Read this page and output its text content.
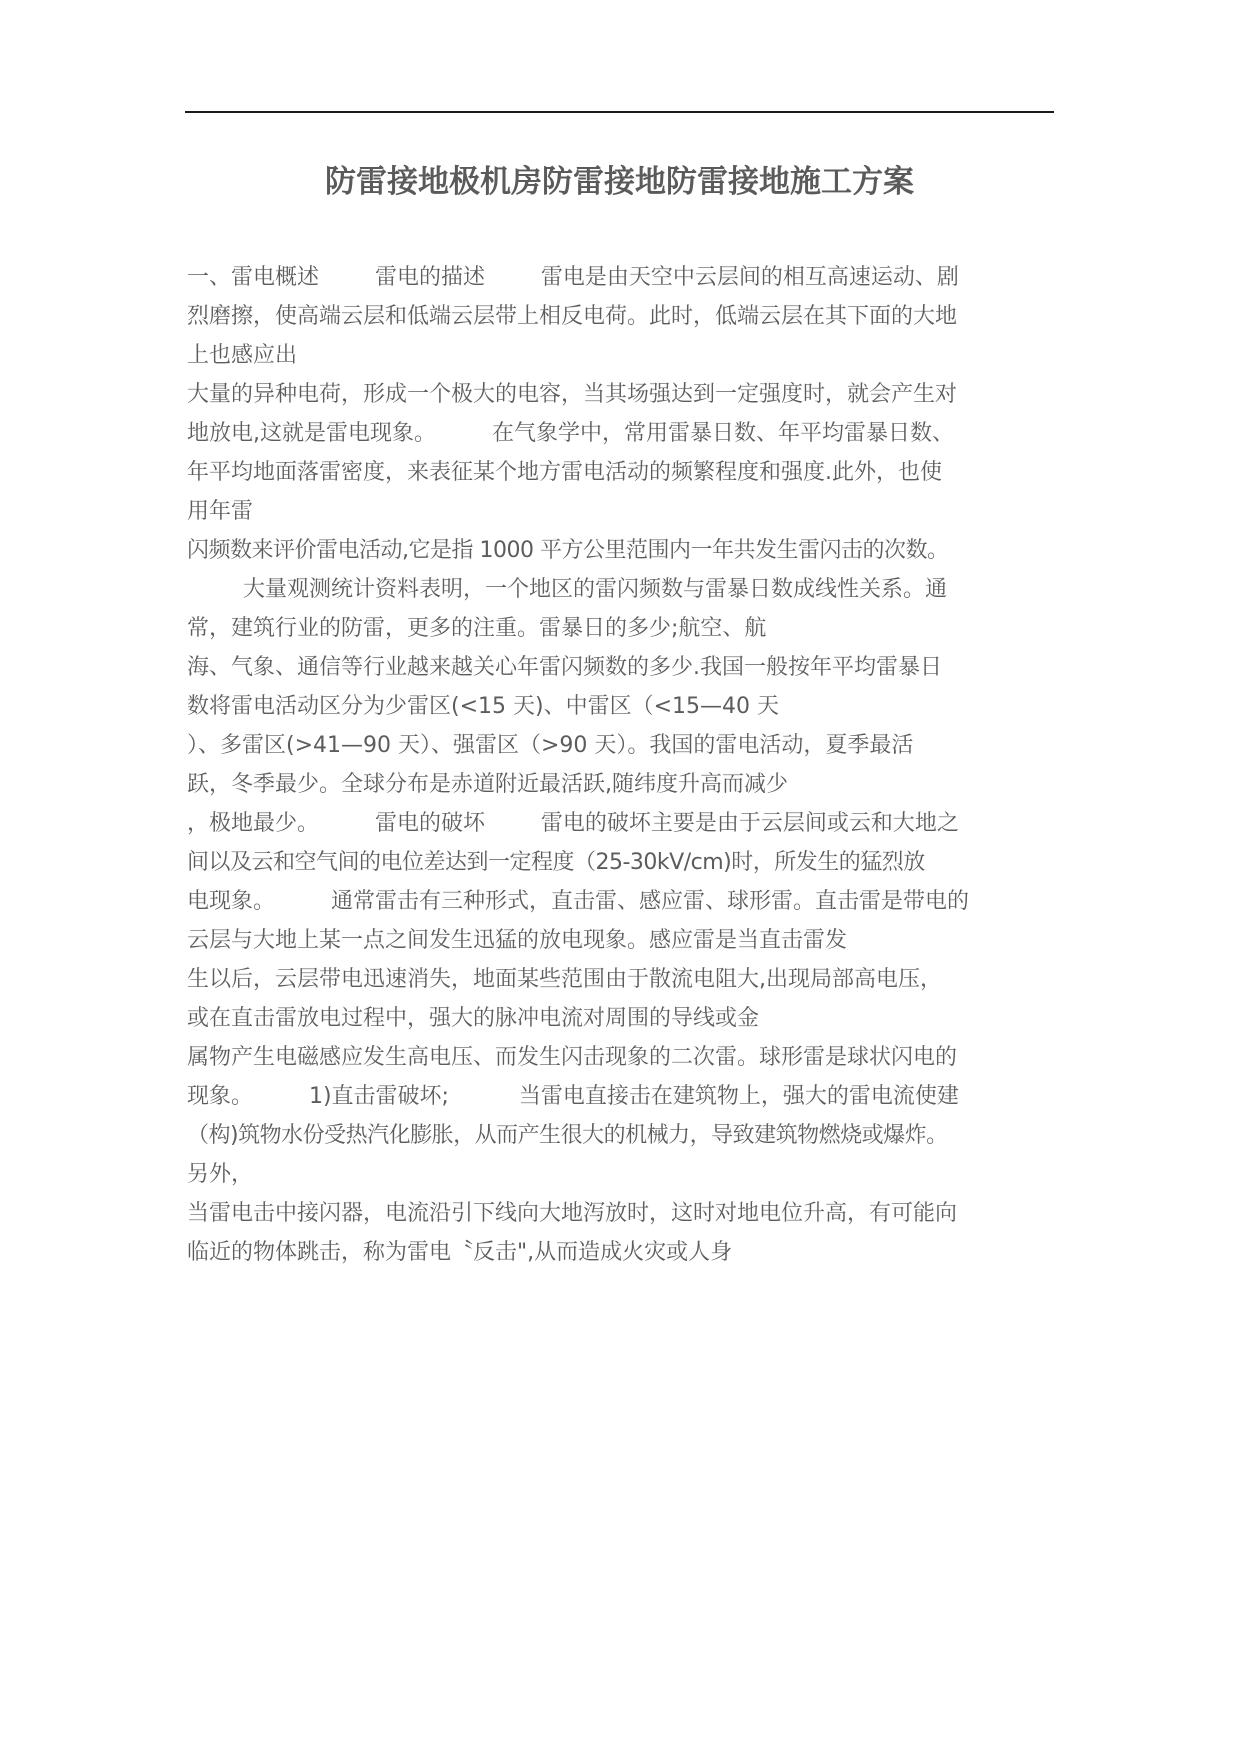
防雷接地极机房防雷接地防雷接地施工方案
一、雷电概述        雷电的描述        雷电是由天空中云层间的相互高速运动、剧
烈磨擦，使高端云层和低端云层带上相反电荷。此时，低端云层在其下面的大地
上也感应出
大量的异种电荷，形成一个极大的电容，当其场强达到一定强度时，就会产生对
地放电,这就是雷电现象。        在气象学中，常用雷暴日数、年平均雷暴日数、
年平均地面落雷密度，来表征某个地方雷电活动的频繁程度和强度.此外，也使
用年雷
闪频数来评价雷电活动,它是指 1000 平方公里范围内一年共发生雷闪击的次数。
大量观测统计资料表明，一个地区的雷闪频数与雷暴日数成线性关系。通
常，建筑行业的防雷，更多的注重。雷暴日的多少;航空、航
海、气象、通信等行业越来越关心年雷闪频数的多少.我国一般按年平均雷暴日
数将雷电活动区分为少雷区(<15 天)、中雷区（<15—40 天
）、多雷区(>41—90 天）、强雷区（>90 天）。我国的雷电活动，夏季最活
跃，冬季最少。全球分布是赤道附近最活跃,随纬度升高而减少
，极地最少。        雷电的破坏        雷电的破坏主要是由于云层间或云和大地之
间以及云和空气间的电位差达到一定程度（25-30kV/cm)时，所发生的猛烈放
电现象。        通常雷击有三种形式，直击雷、感应雷、球形雷。直击雷是带电的
云层与大地上某一点之间发生迅猛的放电现象。感应雷是当直击雷发
生以后，云层带电迅速消失，地面某些范围由于散流电阻大,出现局部高电压，
或在直击雷放电过程中，强大的脉冲电流对周围的导线或金
属物产生电磁感应发生高电压、而发生闪击现象的二次雷。球形雷是球状闪电的
现象。        1)直击雷破坏;          当雷电直接击在建筑物上，强大的雷电流使建
（构)筑物水份受热汽化膨胀，从而产生很大的机械力，导致建筑物燃烧或爆炸。
另外，
当雷电击中接闪器，电流沿引下线向大地泻放时，这时对地电位升高，有可能向
临近的物体跳击，称为雷电〝反击",从而造成火灾或人身
